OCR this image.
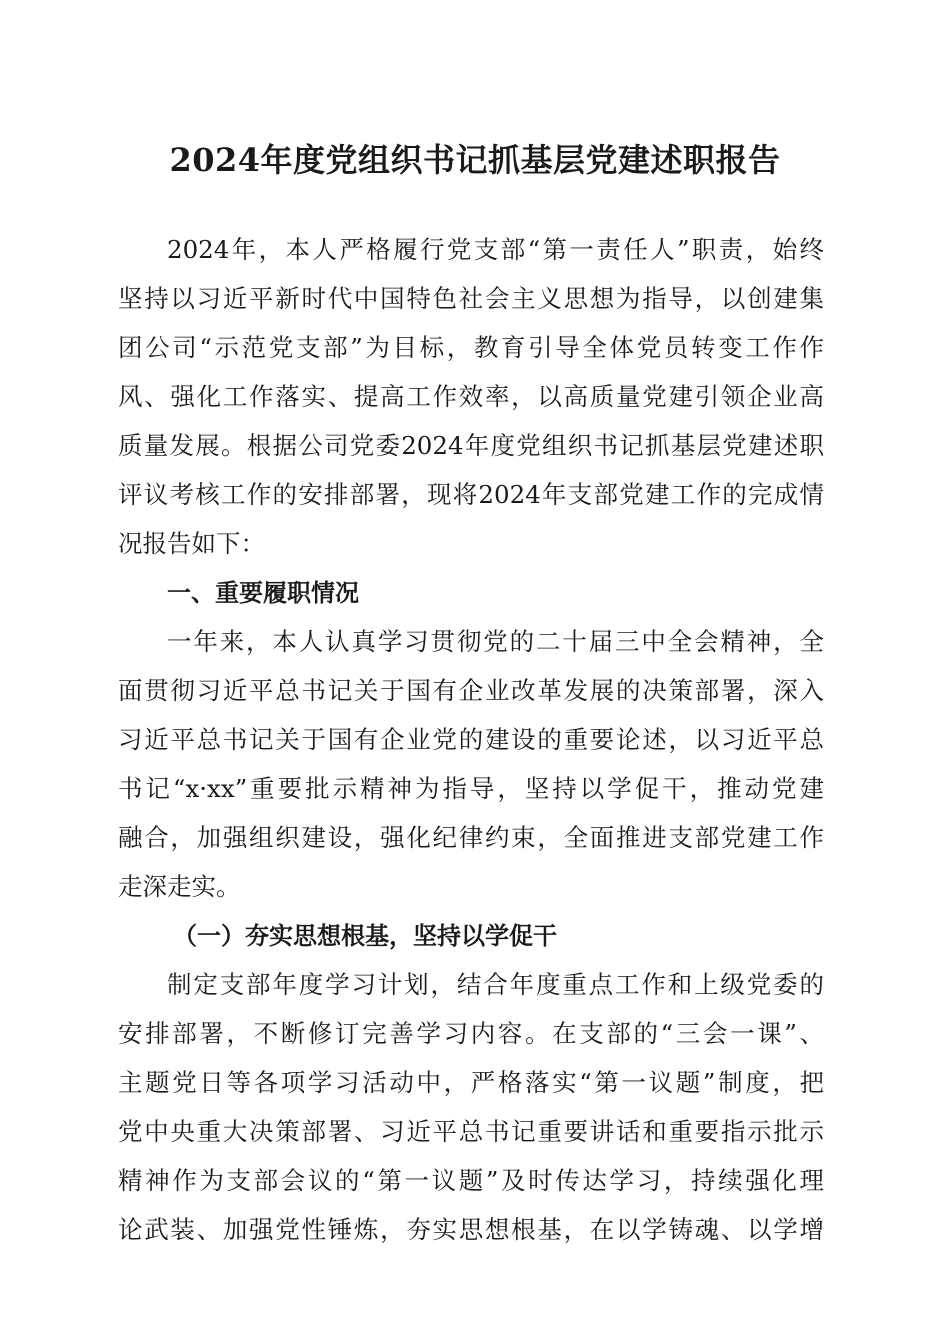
2024年度党组织书记抓基层党建述职报告
2024年，本人严格履行党支部“第一责任人”职责，始终
坚持以习近平新时代中国特色社会主义思想为指导，以创建集
团公司“示范党支部”为目标，教育引导全体党员转变工作作
风、强化工作落实、提高工作效率，以高质量党建引领企业高
质量发展。根据公司党委2024年度党组织书记抓基层党建述职
评议考核工作的安排部署，现将2024年支部党建工作的完成情
况报告如下：
一、重要履职情况
一年来，本人认真学习贯彻党的二十届三中全会精神，全
面贯彻习近平总书记关于国有企业改革发展的决策部署，深入
习近平总书记关于国有企业党的建设的重要论述，以习近平总
书记“x·xx”重要批示精神为指导，坚持以学促干，推动党建
融合，加强组织建设，强化纪律约束，全面推进支部党建工作
走深走实。
（一）夯实思想根基，坚持以学促干
制定支部年度学习计划，结合年度重点工作和上级党委的
安排部署，不断修订完善学习内容。在支部的“三会一课”、
主题党日等各项学习活动中，严格落实“第一议题”制度，把
党中央重大决策部署、习近平总书记重要讲话和重要指示批示
精神作为支部会议的“第一议题”及时传达学习，持续强化理
论武装、加强党性锤炼，夯实思想根基，在以学铸魂、以学增
